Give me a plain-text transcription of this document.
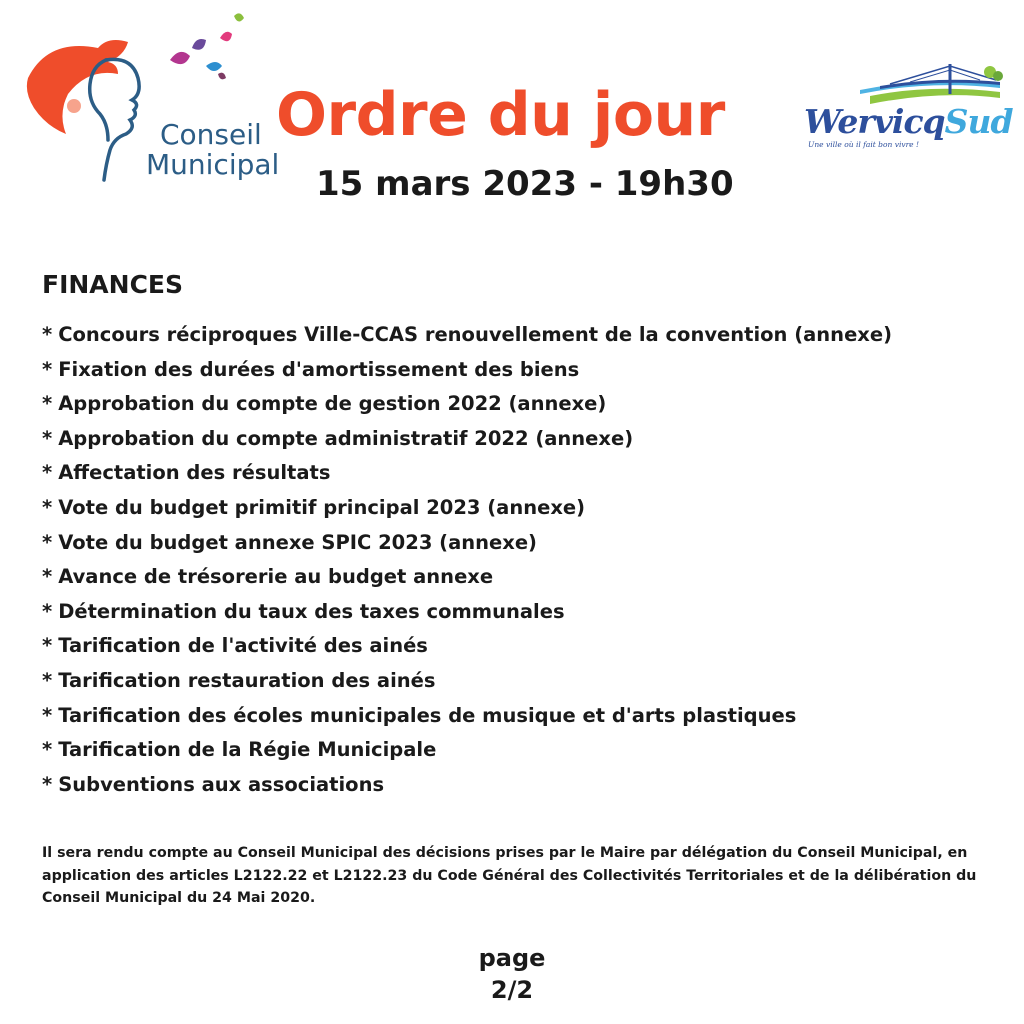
Conseil
Municipal
Ordre du jour
15 mars 2023 - 19h30
WervicqSud
Une ville où il fait bon vivre !
FINANCES
* Concours réciproques Ville-CCAS renouvellement de la convention (annexe)
* Fixation des durées d'amortissement des biens
* Approbation du compte de gestion 2022 (annexe)
* Approbation du compte administratif 2022 (annexe)
* Affectation des résultats
* Vote du budget primitif principal 2023 (annexe)
* Vote du budget annexe SPIC 2023 (annexe)
* Avance de trésorerie au budget annexe
* Détermination du taux des taxes communales
* Tarification de l'activité des ainés
* Tarification restauration des ainés
* Tarification des écoles municipales de musique et d'arts plastiques
* Tarification de la Régie Municipale
* Subventions aux associations

Il sera rendu compte au Conseil Municipal des décisions prises par le Maire par délégation du Conseil Municipal, en application des articles L2122.22 et L2122.23 du Code Général des Collectivités Territoriales et de la délibération du Conseil Municipal du 24 Mai 2020.

page
2/2
